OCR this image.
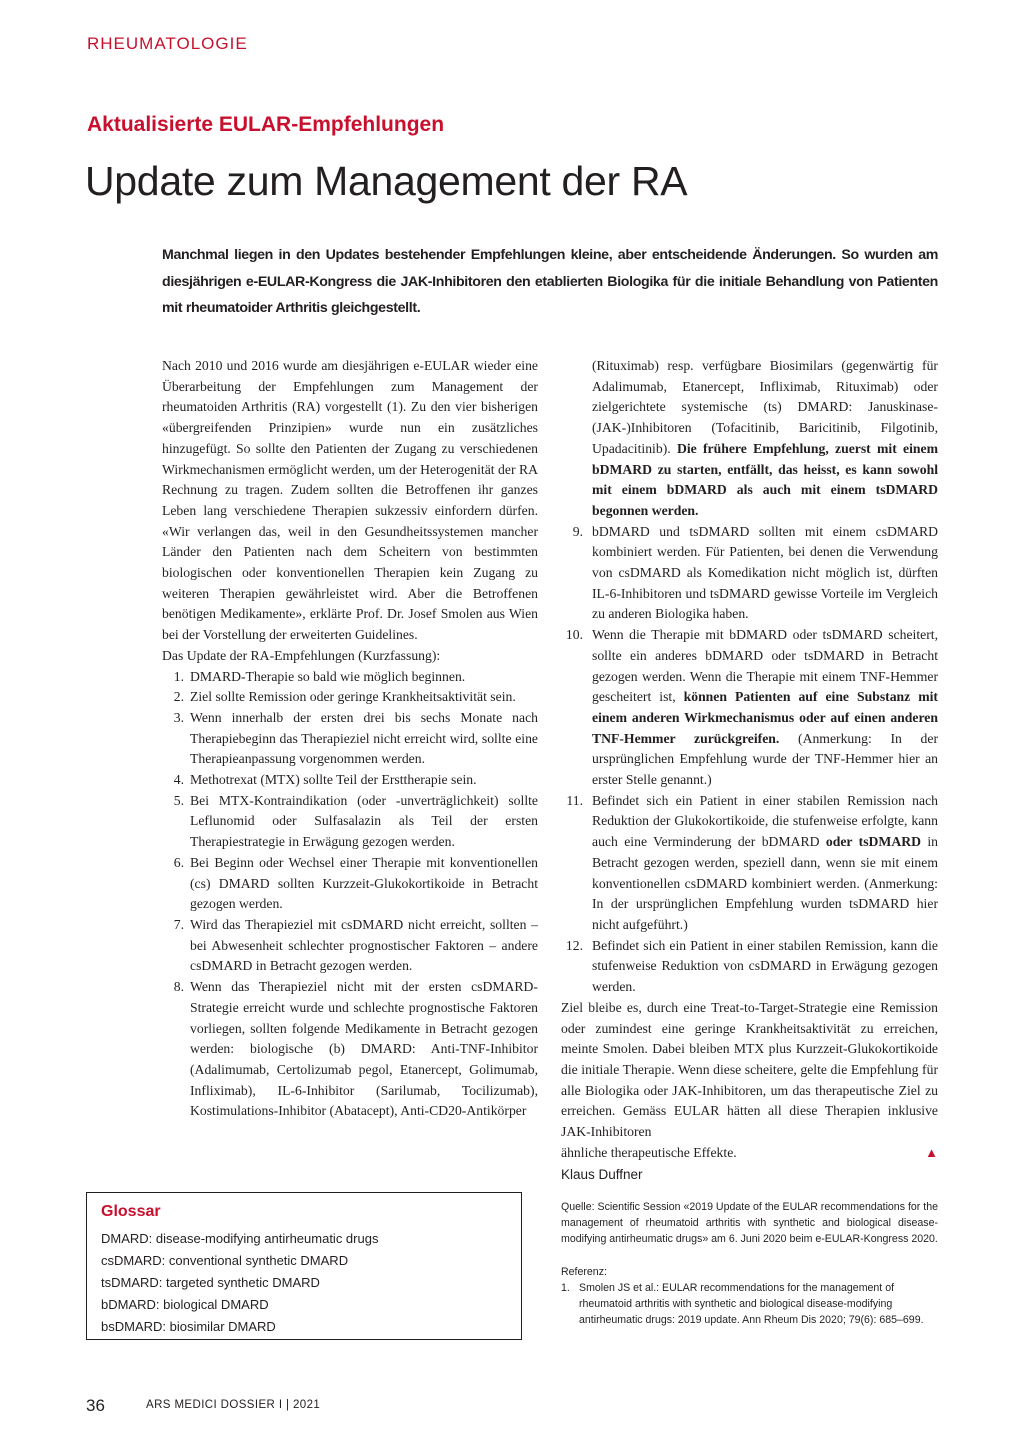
RHEUMATOLOGIE
Aktualisierte EULAR-Empfehlungen
Update zum Management der RA

Manchmal liegen in den Updates bestehender Empfehlungen kleine, aber entscheidende Änderungen. So wurden am diesjährigen e-EULAR-Kongress die JAK-Inhibitoren den etablierten Biologika für die initiale Behandlung von Patienten mit rheumatoider Arthritis gleichgestellt.

Nach 2010 und 2016 wurde am diesjährigen e-EULAR wieder eine Überarbeitung der Empfehlungen zum Management der rheumatoiden Arthritis (RA) vorgestellt (1). Zu den vier bisherigen «übergreifenden Prinzipien» wurde nun ein zusätzliches hinzugefügt. So sollte den Patienten der Zugang zu verschiedenen Wirkmechanismen ermöglicht werden, um der Heterogenität der RA Rechnung zu tragen. Zudem sollten die Betroffenen ihr ganzes Leben lang verschiedene Therapien sukzessiv einfordern dürfen. «Wir verlangen das, weil in den Gesundheitssystemen mancher Länder den Patienten nach dem Scheitern von bestimmten biologischen oder konventionellen Therapien kein Zugang zu weiteren Therapien gewährleistet wird. Aber die Betroffenen benötigen Medikamente», erklärte Prof. Dr. Josef Smolen aus Wien bei der Vorstellung der erweiterten Guidelines.

Das Update der RA-Empfehlungen (Kurzfassung):

1. DMARD-Therapie so bald wie möglich beginnen.
2. Ziel sollte Remission oder geringe Krankheitsaktivität sein.
3. Wenn innerhalb der ersten drei bis sechs Monate nach Therapiebeginn das Therapieziel nicht erreicht wird, sollte eine Therapieanpassung vorgenommen werden.
4. Methotrexat (MTX) sollte Teil der Ersttherapie sein.
5. Bei MTX-Kontraindikation (oder -unverträglichkeit) sollte Leflunomid oder Sulfasalazin als Teil der ersten Therapiestrategie in Erwägung gezogen werden.
6. Bei Beginn oder Wechsel einer Therapie mit konventionellen (cs) DMARD sollten Kurzzeit-Glukokortikoide in Betracht gezogen werden.
7. Wird das Therapieziel mit csDMARD nicht erreicht, sollten – bei Abwesenheit schlechter prognostischer Faktoren – andere csDMARD in Betracht gezogen werden.
8. Wenn das Therapieziel nicht mit der ersten csDMARD-Strategie erreicht wurde und schlechte prognostische Faktoren vorliegen, sollten folgende Medikamente in Betracht gezogen werden: biologische (b) DMARD: Anti-TNF-Inhibitor (Adalimumab, Certolizumab pegol, Etanercept, Golimumab, Infliximab), IL-6-Inhibitor (Sarilumab, Tocilizumab), Kostimulations-Inhibitor (Abatacept), Anti-CD20-Antikörper
(Rituximab) resp. verfügbare Biosimilars (gegenwärtig für Adalimumab, Etanercept, Infliximab, Rituximab) oder zielgerichtete systemische (ts) DMARD: Januskinase-(JAK-)Inhibitoren (Tofacitinib, Baricitinib, Filgotinib, Upadacitinib). Die frühere Empfehlung, zuerst mit einem bDMARD zu starten, entfällt, das heisst, es kann sowohl mit einem bDMARD als auch mit einem tsDMARD begonnen werden.
9. bDMARD und tsDMARD sollten mit einem csDMARD kombiniert werden. Für Patienten, bei denen die Verwendung von csDMARD als Komedikation nicht möglich ist, dürften IL-6-Inhibitoren und tsDMARD gewisse Vorteile im Vergleich zu anderen Biologika haben.
10. Wenn die Therapie mit bDMARD oder tsDMARD scheitert, sollte ein anderes bDMARD oder tsDMARD in Betracht gezogen werden. Wenn die Therapie mit einem TNF-Hemmer gescheitert ist, können Patienten auf eine Substanz mit einem anderen Wirkmechanismus oder auf einen anderen TNF-Hemmer zurückgreifen. (Anmerkung: In der ursprünglichen Empfehlung wurde der TNF-Hemmer hier an erster Stelle genannt.)
11. Befindet sich ein Patient in einer stabilen Remission nach Reduktion der Glukokortikoide, die stufenweise erfolgte, kann auch eine Verminderung der bDMARD oder tsDMARD in Betracht gezogen werden, speziell dann, wenn sie mit einem konventionellen csDMARD kombiniert werden. (Anmerkung: In der ursprünglichen Empfehlung wurden tsDMARD hier nicht aufgeführt.)
12. Befindet sich ein Patient in einer stabilen Remission, kann die stufenweise Reduktion von csDMARD in Erwägung gezogen werden.

Ziel bleibe es, durch eine Treat-to-Target-Strategie eine Remission oder zumindest eine geringe Krankheitsaktivität zu erreichen, meinte Smolen. Dabei bleiben MTX plus Kurzzeit-Glukokortikoide die initiale Therapie. Wenn diese scheitere, gelte die Empfehlung für alle Biologika oder JAK-Inhibitoren, um das therapeutische Ziel zu erreichen. Gemäss EULAR hätten all diese Therapien inklusive JAK-Inhibitoren

ähnliche therapeutische Effekte.	▲
Klaus Duffner
Glossar
DMARD: disease-modifying antirheumatic drugs
csDMARD: conventional synthetic DMARD
tsDMARD: targeted synthetic DMARD
bDMARD: biological DMARD
bsDMARD: biosimilar DMARD

Quelle: Scientific Session «2019 Update of the EULAR recommendations for the management of rheumatoid arthritis with synthetic and biological disease-modifying antirheumatic drugs» am 6. Juni 2020 beim e-EULAR-Kongress 2020.

Referenz:
1. Smolen JS et al.: EULAR recommendations for the management of rheumatoid arthritis with synthetic and biological disease-modifying antirheumatic drugs: 2019 update. Ann Rheum Dis 2020; 79(6): 685–699.
36	ARS MEDICI DOSSIER I | 2021
